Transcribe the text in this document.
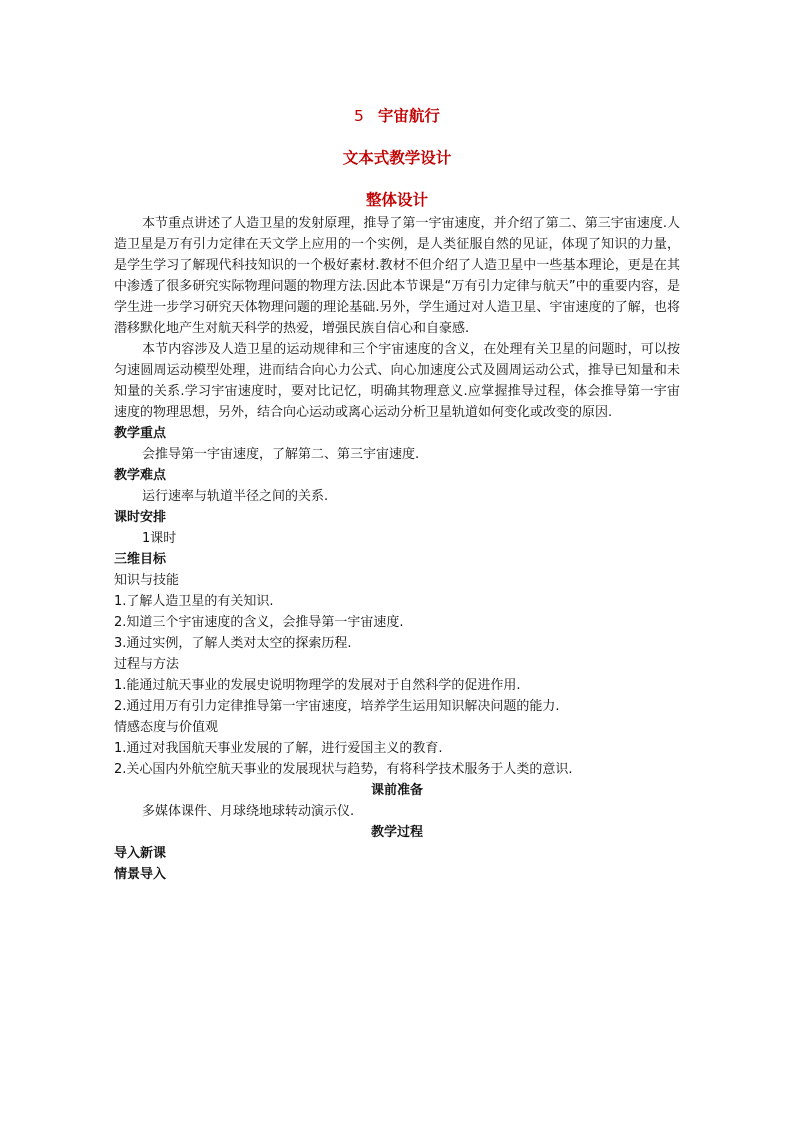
5 宇宙航行
文本式教学设计
整体设计

本节重点讲述了人造卫星的发射原理，推导了第一宇宙速度，并介绍了第二、第三宇宙速度.人造卫星是万有引力定律在天文学上应用的一个实例，是人类征服自然的见证，体现了知识的力量，是学生学习了解现代科技知识的一个极好素材.教材不但介绍了人造卫星中一些基本理论，更是在其中渗透了很多研究实际物理问题的物理方法.因此本节课是“万有引力定律与航天”中的重要内容，是学生进一步学习研究天体物理问题的理论基础.另外，学生通过对人造卫星、宇宙速度的了解，也将潜移默化地产生对航天科学的热爱，增强民族自信心和自豪感.

本节内容涉及人造卫星的运动规律和三个宇宙速度的含义，在处理有关卫星的问题时，可以按匀速圆周运动模型处理，进而结合向心力公式、向心加速度公式及圆周运动公式，推导已知量和未知量的关系.学习宇宙速度时，要对比记忆，明确其物理意义.应掌握推导过程，体会推导第一宇宙速度的物理思想，另外，结合向心运动或离心运动分析卫星轨道如何变化或改变的原因.

教学重点

会推导第一宇宙速度，了解第二、第三宇宙速度.

教学难点

运行速率与轨道半径之间的关系.

课时安排

1课时

三维目标

知识与技能

1.了解人造卫星的有关知识.

2.知道三个宇宙速度的含义，会推导第一宇宙速度.

3.通过实例，了解人类对太空的探索历程.

过程与方法

1.能通过航天事业的发展史说明物理学的发展对于自然科学的促进作用.

2.通过用万有引力定律推导第一宇宙速度，培养学生运用知识解决问题的能力.

情感态度与价值观

1.通过对我国航天事业发展的了解，进行爱国主义的教育.

2.关心国内外航空航天事业的发展现状与趋势，有将科学技术服务于人类的意识.

课前准备

多媒体课件、月球绕地球转动演示仪.

教学过程

导入新课

情景导入
